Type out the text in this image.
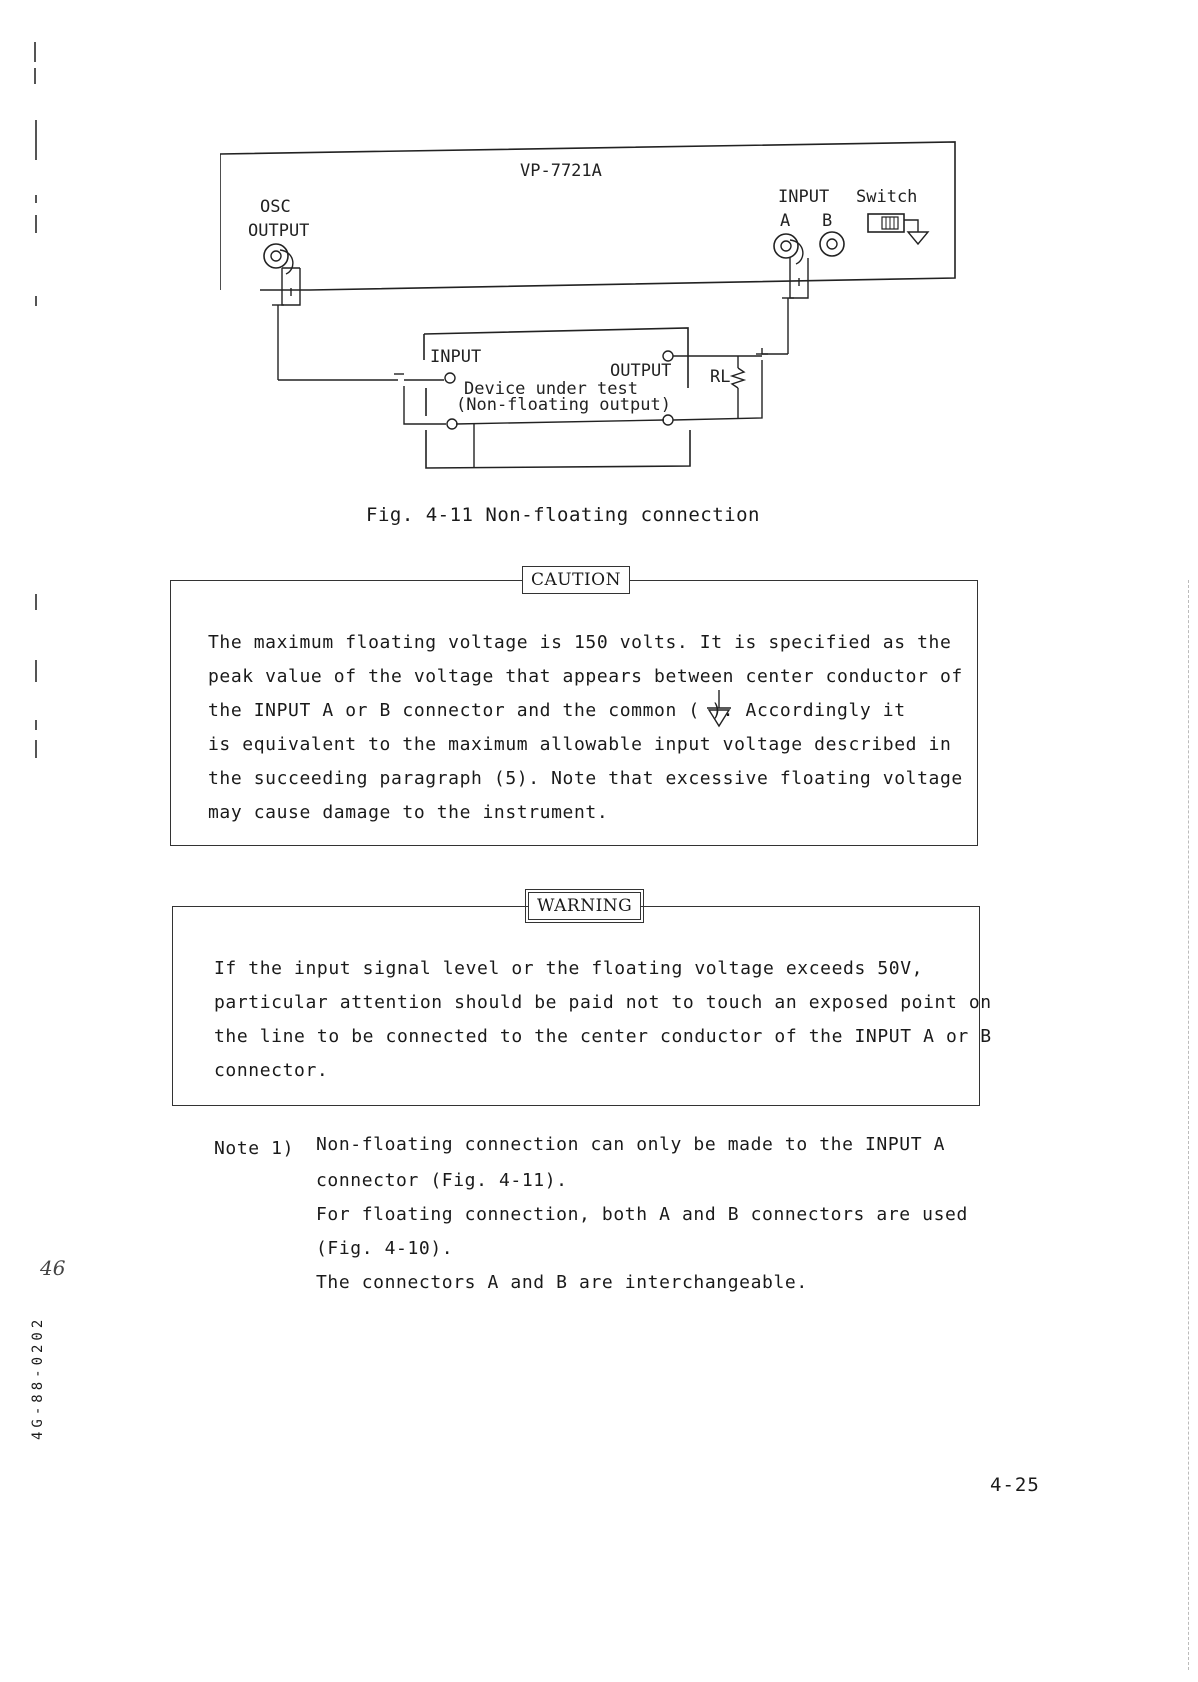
VP-7721A
OSC
OUTPUT
INPUT Switch
A B
INPUT
OUTPUT
Device under test
(Non-floating output)
RL
Fig. 4-11 Non-floating connection
CAUTION
The maximum floating voltage is 150 volts. It is specified as the
peak value of the voltage that appears between center conductor of
the INPUT A or B connector and the common ( ). Accordingly it
is equivalent to the maximum allowable input voltage described in
the succeeding paragraph (5). Note that excessive floating voltage
may cause damage to the instrument.
WARNING
If the input signal level or the floating voltage exceeds 50V,
particular attention should be paid not to touch an exposed point on
the line to be connected to the center conductor of the INPUT A or B
connector.
Note 1) Non-floating connection can only be made to the INPUT A
connector (Fig. 4-11).
For floating connection, both A and B connectors are used
(Fig. 4-10).
The connectors A and B are interchangeable.
46
4G-88-0202
4-25
